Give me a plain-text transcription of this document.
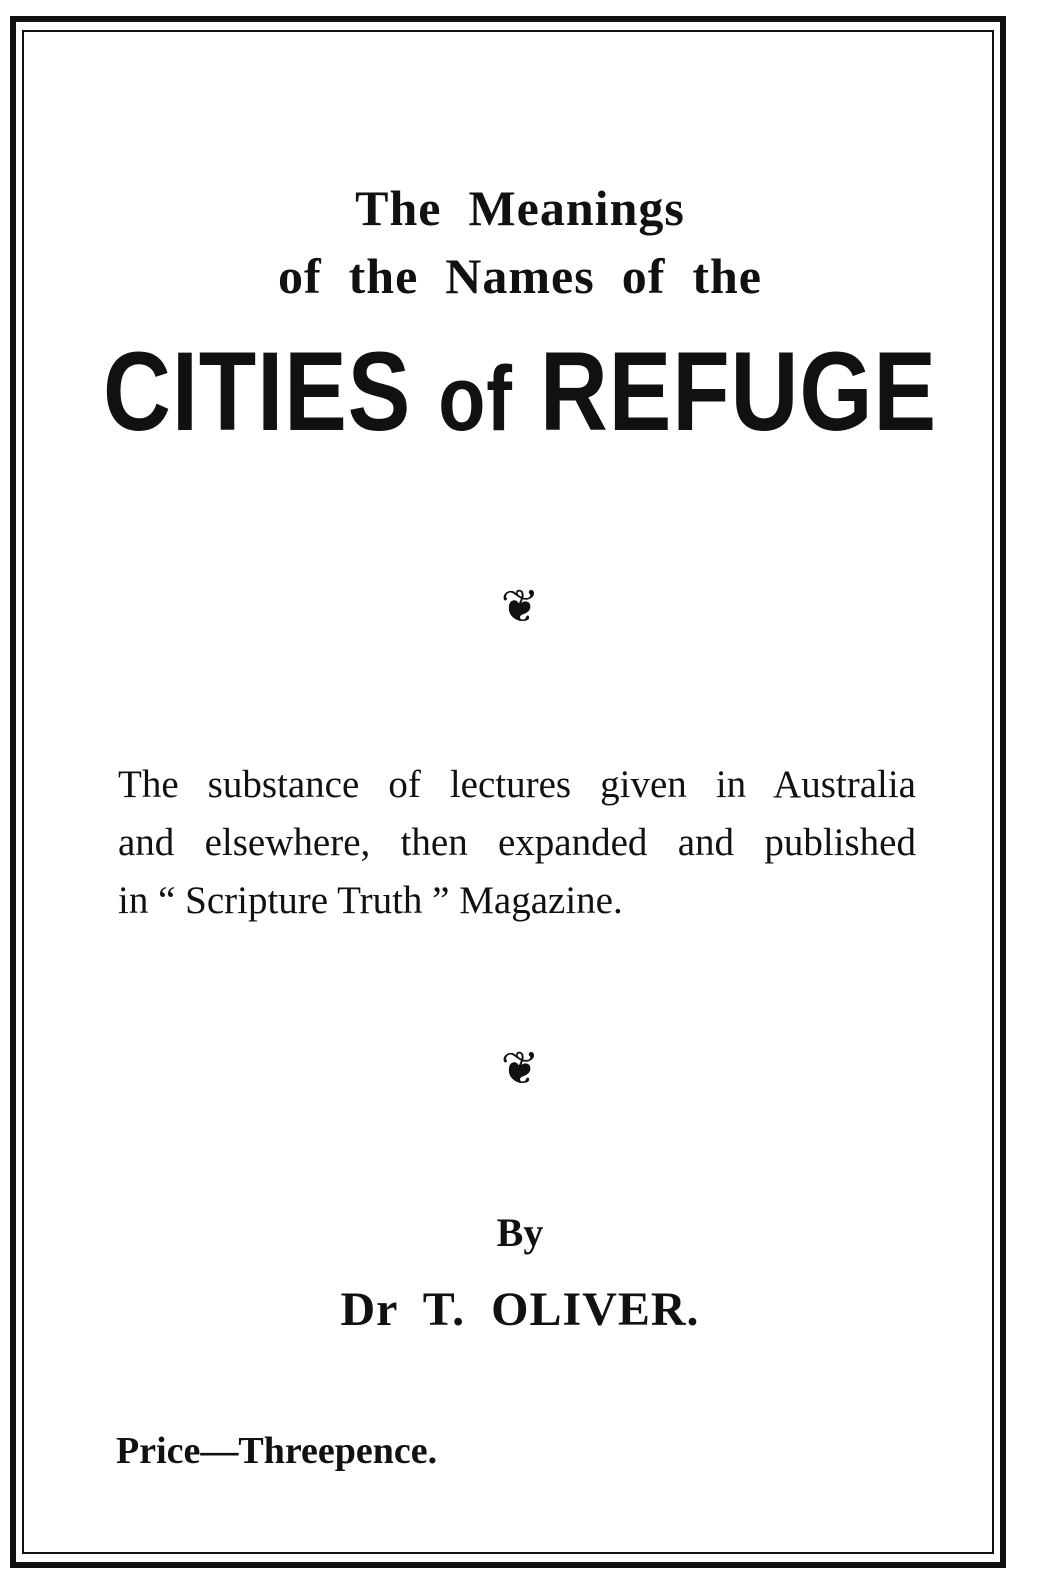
The  Meanings
of  the  Names  of  the
CITIES of REFUGE
❦
The substance of lectures given in Australia
and elsewhere, then expanded and published
in “ Scripture Truth ” Magazine.
❦
By
Dr  T.  OLIVER.
Price—Threepence.
